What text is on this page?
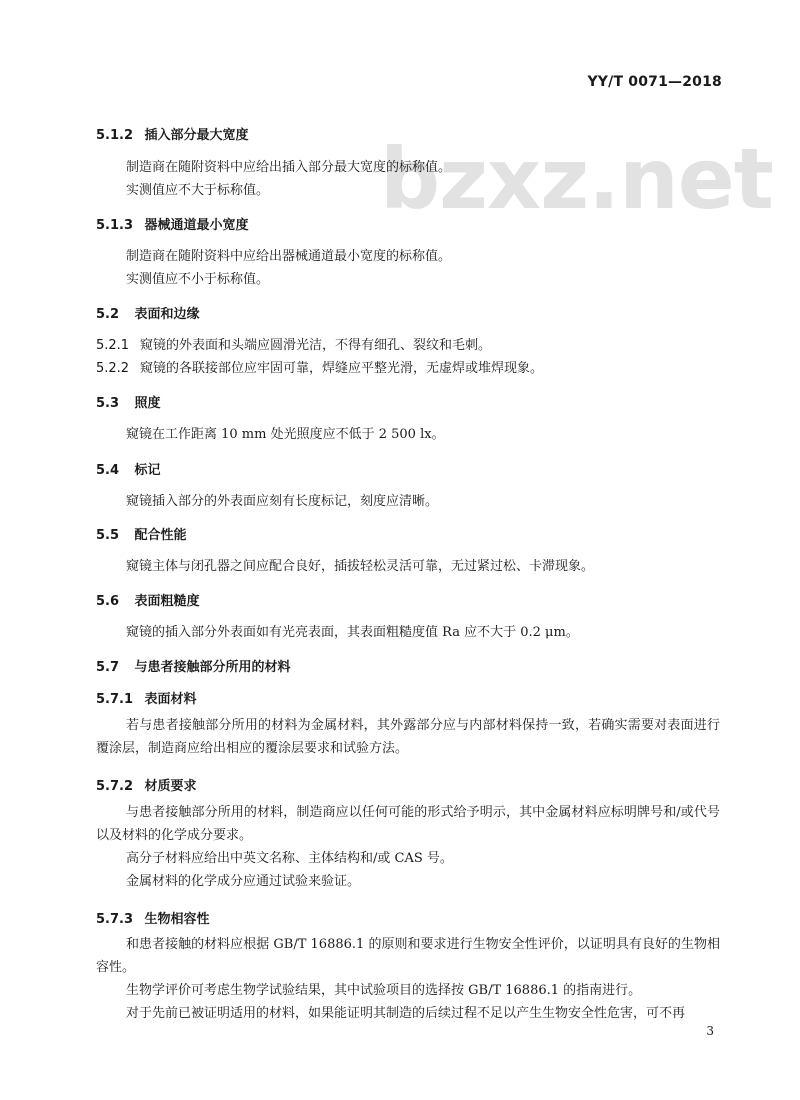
YY/T 0071—2018
bzxz.net
5.1.2 插入部分最大宽度
制造商在随附资料中应给出插入部分最大宽度的标称值。
实测值应不大于标称值。
5.1.3 器械通道最小宽度
制造商在随附资料中应给出器械通道最小宽度的标称值。
实测值应不小于标称值。
5.2 表面和边缘
5.2.1 窥镜的外表面和头端应圆滑光洁，不得有细孔、裂纹和毛刺。
5.2.2 窥镜的各联接部位应牢固可靠，焊缝应平整光滑，无虚焊或堆焊现象。
5.3 照度
窥镜在工作距离 10 mm 处光照度应不低于 2 500 lx。
5.4 标记
窥镜插入部分的外表面应刻有长度标记，刻度应清晰。
5.5 配合性能
窥镜主体与闭孔器之间应配合良好，插拔轻松灵活可靠，无过紧过松、卡滞现象。
5.6 表面粗糙度
窥镜的插入部分外表面如有光亮表面，其表面粗糙度值 Ra 应不大于 0.2 μm。
5.7 与患者接触部分所用的材料
5.7.1 表面材料
若与患者接触部分所用的材料为金属材料，其外露部分应与内部材料保持一致，若确实需要对表面进行覆涂层，制造商应给出相应的覆涂层要求和试验方法。
5.7.2 材质要求
与患者接触部分所用的材料，制造商应以任何可能的形式给予明示，其中金属材料应标明牌号和/或代号以及材料的化学成分要求。
高分子材料应给出中英文名称、主体结构和/或 CAS 号。
金属材料的化学成分应通过试验来验证。
5.7.3 生物相容性
和患者接触的材料应根据 GB/T 16886.1 的原则和要求进行生物安全性评价，以证明具有良好的生物相容性。
生物学评价可考虑生物学试验结果，其中试验项目的选择按 GB/T 16886.1 的指南进行。
对于先前已被证明适用的材料，如果能证明其制造的后续过程不足以产生生物安全性危害，可不再
3
